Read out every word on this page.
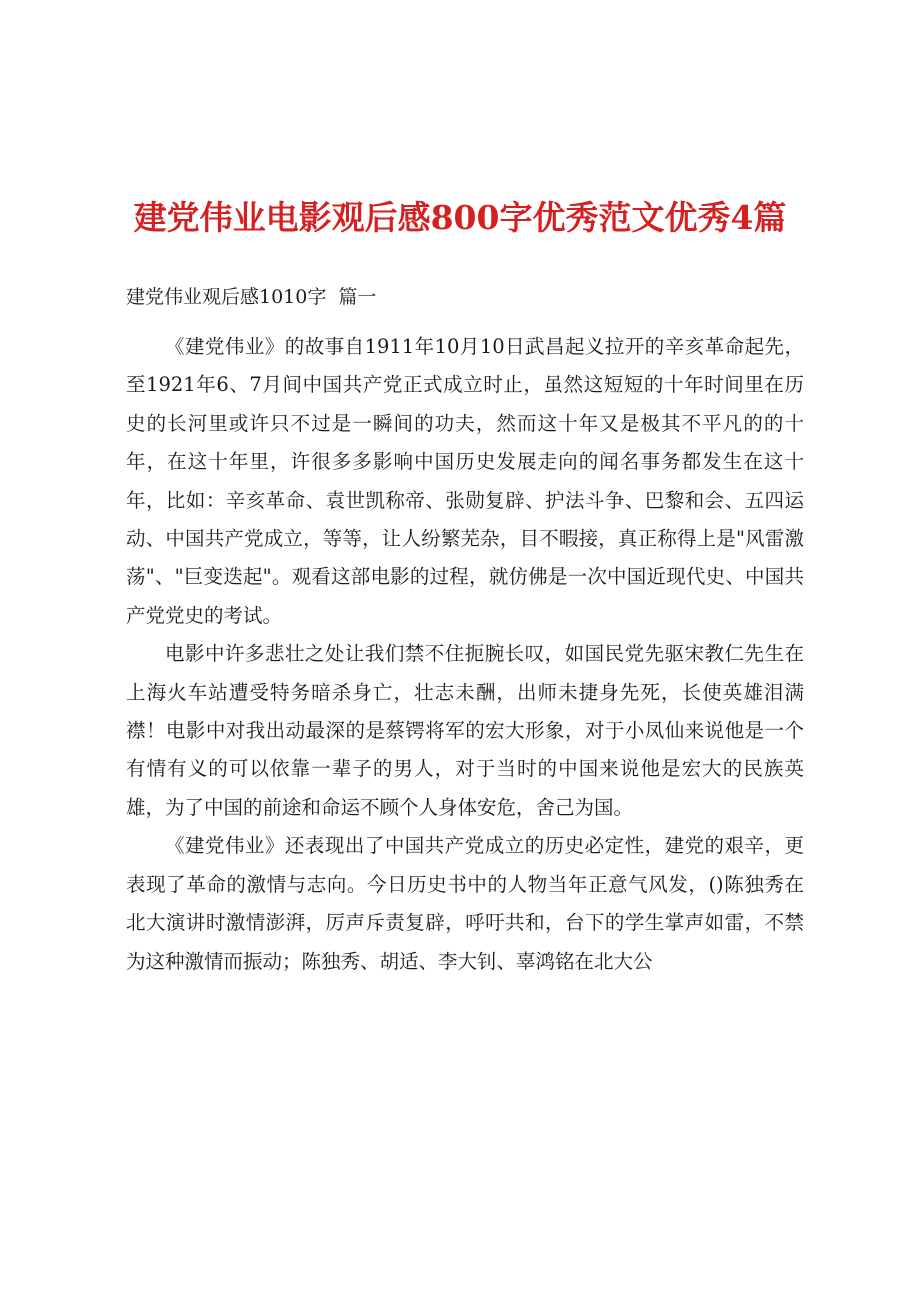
建党伟业电影观后感800字优秀范文优秀4篇

建党伟业观后感1010字  篇一

《建党伟业》的故事自1911年10月10日武昌起义拉开的辛亥革命起先，至1921年6、7月间中国共产党正式成立时止，虽然这短短的十年时间里在历史的长河里或许只不过是一瞬间的功夫，然而这十年又是极其不平凡的的十年，在这十年里，许很多多影响中国历史发展走向的闻名事务都发生在这十年，比如：辛亥革命、袁世凯称帝、张勋复辟、护法斗争、巴黎和会、五四运动、中国共产党成立，等等，让人纷繁芜杂，目不暇接，真正称得上是"风雷激荡"、"巨变迭起"。观看这部电影的过程，就仿佛是一次中国近现代史、中国共产党党史的考试。

电影中许多悲壮之处让我们禁不住扼腕长叹，如国民党先驱宋教仁先生在上海火车站遭受特务暗杀身亡，壮志未酬，出师未捷身先死，长使英雄泪满襟！电影中对我出动最深的是蔡锷将军的宏大形象，对于小凤仙来说他是一个有情有义的可以依靠一辈子的男人，对于当时的中国来说他是宏大的民族英雄，为了中国的前途和命运不顾个人身体安危，舍己为国。

《建党伟业》还表现出了中国共产党成立的历史必定性，建党的艰辛，更表现了革命的激情与志向。今日历史书中的人物当年正意气风发，()陈独秀在北大演讲时激情澎湃，厉声斥责复辟，呼吁共和，台下的学生掌声如雷，不禁为这种激情而振动；陈独秀、胡适、李大钊、辜鸿铭在北大公
